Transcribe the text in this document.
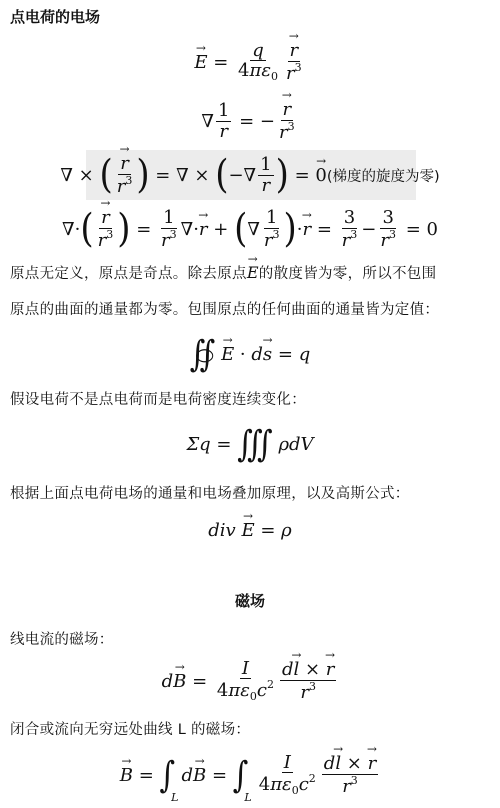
点电荷的电场
→ $E = \frac{q}{4\pi\varepsilon_0}$
→ $\frac{r}{r^3}$
∇ $\frac{1}{r}$ = −
→ $\frac{r}{r^3}$
∇ × (
→ $\frac{r}{r^3}$ ) = ∇ × ( −∇ $\frac{1}{r}$ ) =
→ 0 (梯度的旋度为零)
∇· (
→ $\frac{r}{r^3}$ ) = $\frac{1}{r^3}$ ∇·
→ r + ( ∇ $\frac{1}{r^3}$ ) ·
→ $r = \frac{3}{r^3} - \frac{3}{r^3} = 0$
原点无定义，原点是奇点。除去原点→ E的散度皆为零，所以不包围
原点的曲面的通量都为零。包围原点的任何曲面的通量皆为定值：
∬

→ E · d
→ s = q
假设电荷不是点电荷而是电荷密度连续变化：
Σq = ∭
ρdV
根据上面点电荷电场的通量和电场叠加原理，以及高斯公式：
div

→ E = ρ
磁场
线电流的磁场：
d
→ $B = \frac{I}{4\pi\varepsilon_0c^2} \frac{d\to l \times \to r}{r^3}$
闭合或流向无穷远处曲线 L 的磁场：
→ B = ∫
L
d
→ B = ∫
L
$\frac{I}{4\pi\varepsilon_0c^2} \frac{d\to l \times \to r}{r^3}$
